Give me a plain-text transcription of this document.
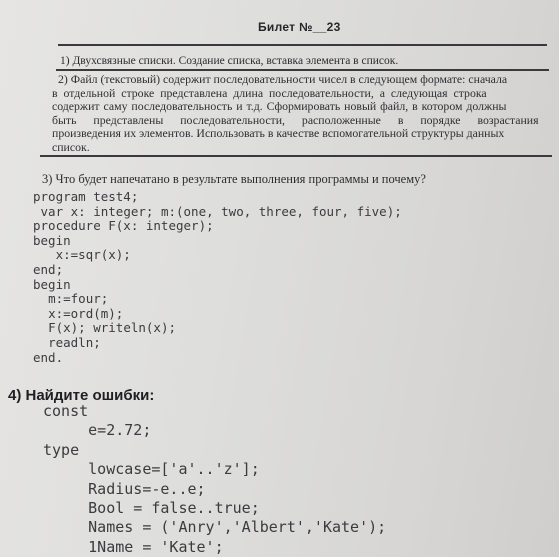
Билет №__23
1) Двухсвязные списки. Создание списка, вставка элемента в список.
2) Файл (текстовый) содержит последовательности чисел в следующем формате: сначала
в отдельной строке представлена длина последовательности, а следующая строка
содержит саму последовательность и т.д. Сформировать новый файл, в котором должны
быть представлены последовательности, расположенные в порядке возрастания
произведения их элементов. Использовать в качестве вспомогательной структуры данных
список.
3) Что будет напечатано в результате выполнения программы и почему?
program test4;
var x: integer; m:(one, two, three, four, five);
procedure F(x: integer);
begin
x:=sqr(x);
end;
begin
m:=four;
x:=ord(m);
F(x); writeln(x);
readln;
end.
4) Найдите ошибки:
const
e=2.72;
type
lowcase=['a'..'z'];
Radius=-e..e;
Bool = false..true;
Names = ('Anry','Albert','Kate');
1Name = 'Kate';
